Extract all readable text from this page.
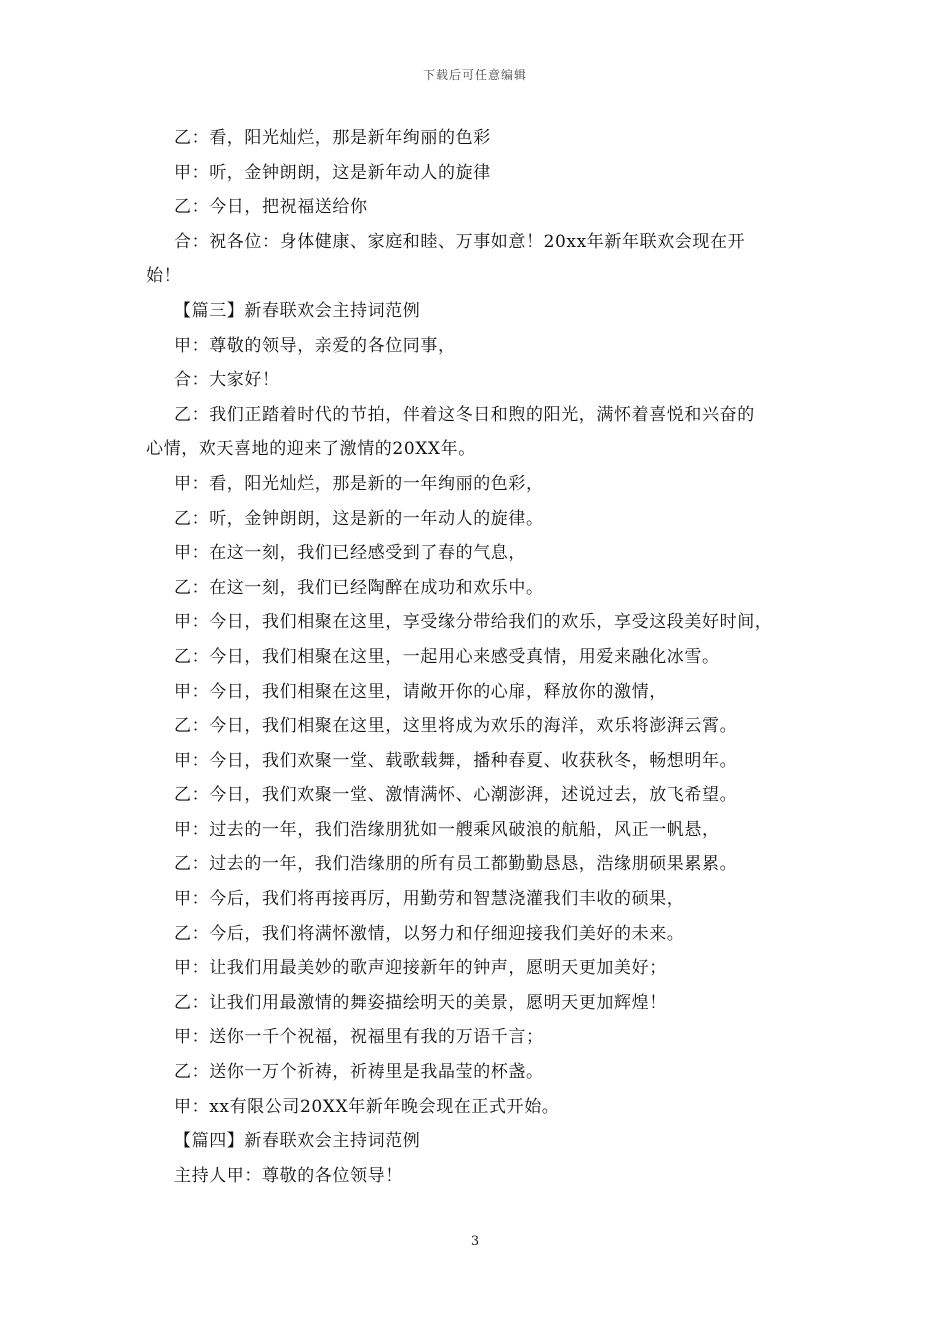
下载后可任意编辑
乙：看，阳光灿烂，那是新年绚丽的色彩
甲：听，金钟朗朗，这是新年动人的旋律
乙：今日，把祝福送给你
合：祝各位：身体健康、家庭和睦、万事如意！20xx年新年联欢会现在开
始！
【篇三】新春联欢会主持词范例
甲：尊敬的领导，亲爱的各位同事，
合：大家好！
乙：我们正踏着时代的节拍，伴着这冬日和煦的阳光，满怀着喜悦和兴奋的
心情，欢天喜地的迎来了激情的20XX年。
甲：看，阳光灿烂，那是新的一年绚丽的色彩，
乙：听，金钟朗朗，这是新的一年动人的旋律。
甲：在这一刻，我们已经感受到了春的气息，
乙：在这一刻，我们已经陶醉在成功和欢乐中。
甲：今日，我们相聚在这里，享受缘分带给我们的欢乐，享受这段美好时间，
乙：今日，我们相聚在这里，一起用心来感受真情，用爱来融化冰雪。
甲：今日，我们相聚在这里，请敞开你的心扉，释放你的激情，
乙：今日，我们相聚在这里，这里将成为欢乐的海洋，欢乐将澎湃云霄。
甲：今日，我们欢聚一堂、载歌载舞，播种春夏、收获秋冬，畅想明年。
乙：今日，我们欢聚一堂、激情满怀、心潮澎湃，述说过去，放飞希望。
甲：过去的一年，我们浩缘朋犹如一艘乘风破浪的航船，风正一帆悬，
乙：过去的一年，我们浩缘朋的所有员工都勤勤恳恳，浩缘朋硕果累累。
甲：今后，我们将再接再厉，用勤劳和智慧浇灌我们丰收的硕果，
乙：今后，我们将满怀激情，以努力和仔细迎接我们美好的未来。
甲：让我们用最美妙的歌声迎接新年的钟声，愿明天更加美好；
乙：让我们用最激情的舞姿描绘明天的美景，愿明天更加辉煌！
甲：送你一千个祝福，祝福里有我的万语千言；
乙：送你一万个祈祷，祈祷里是我晶莹的杯盏。
甲：xx有限公司20XX年新年晚会现在正式开始。
【篇四】新春联欢会主持词范例
主持人甲：尊敬的各位领导！
3
